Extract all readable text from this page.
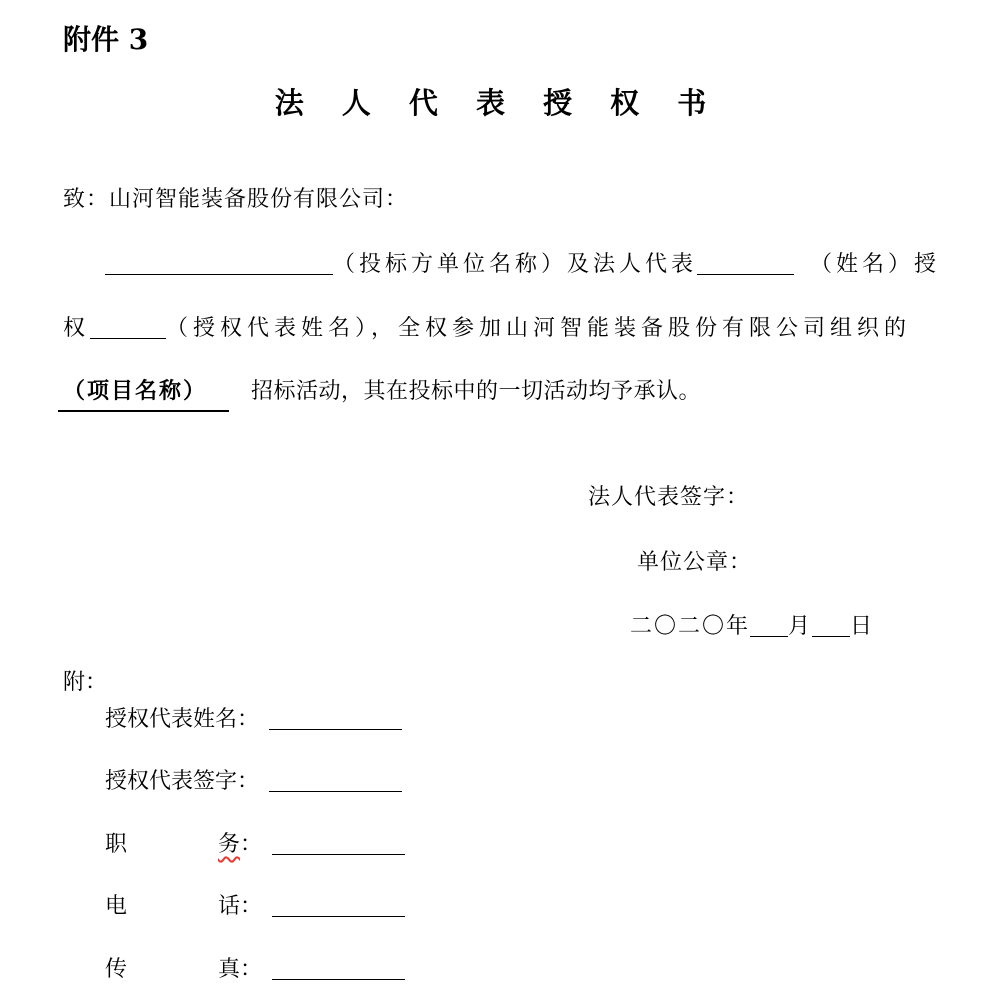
附件 3
法 人 代 表 授 权 书
致：山河智能装备股份有限公司：
（投标方单位名称）及法人代表	（姓名）授
权	（授权代表姓名），全权参加山河智能装备股份有限公司组织的
（项目名称） 招标活动，其在投标中的一切活动均予承认。
法人代表签字：
单位公章：
二〇二〇年 月 日
附：
授权代表姓名：
授权代表签字：
职	务：
电	话：
传	真：
